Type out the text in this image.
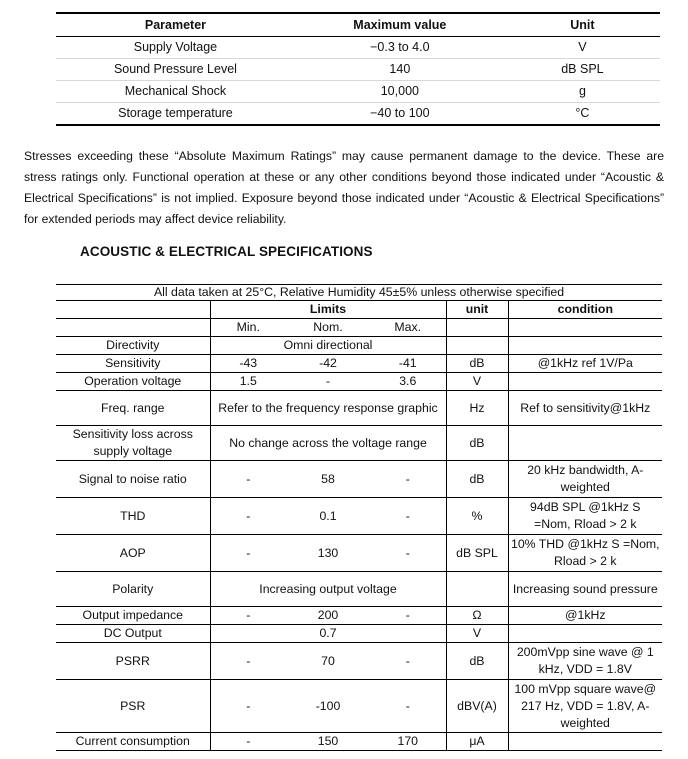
Parameter	Maximum value	Unit
Supply Voltage	−0.3 to 4.0	V
Sound Pressure Level	140	dB SPL
Mechanical Shock	10,000	g
Storage temperature	−40 to 100	°C

Stresses exceeding these “Absolute Maximum Ratings” may cause permanent damage to the device. These are stress ratings only. Functional operation at these or any other conditions beyond those indicated under “Acoustic & Electrical Specifications” is not implied. Exposure beyond those indicated under “Acoustic & Electrical Specifications” for extended periods may affect device reliability.

ACOUSTIC & ELECTRICAL SPECIFICATIONS
All data taken at 25°C, Relative Humidity 45±5% unless otherwise specified					
	Limits			unit	condition
	Min.	Nom.	Max.		
Directivity	Omni directional				
Sensitivity	-43	-42	-41	dB	@1kHz ref 1V/Pa
Operation voltage	1.5	-	3.6	V	
Freq. range	Refer to the frequency response graphic			Hz	Ref to sensitivity@1kHz
Sensitivity loss across supply voltage	No change across the voltage range			dB	
Signal to noise ratio	-	58	-	dB	20 kHz bandwidth, A-weighted
THD	-	0.1	-	%	94dB SPL @1kHz S =Nom, Rload > 2 k
AOP	-	130	-	dB SPL	10% THD @1kHz S =Nom, Rload > 2 k
Polarity	Increasing output voltage				Increasing sound pressure
Output impedance	-	200	-	Ω	@1kHz
DC Output		0.7		V	
PSRR	-	70	-	dB	200mVpp sine wave @ 1 kHz, VDD = 1.8V
PSR	-	-100	-	dBV(A)	100 mVpp square wave@ 217 Hz, VDD = 1.8V, A-weighted
Current consumption	-	150	170	μA	
